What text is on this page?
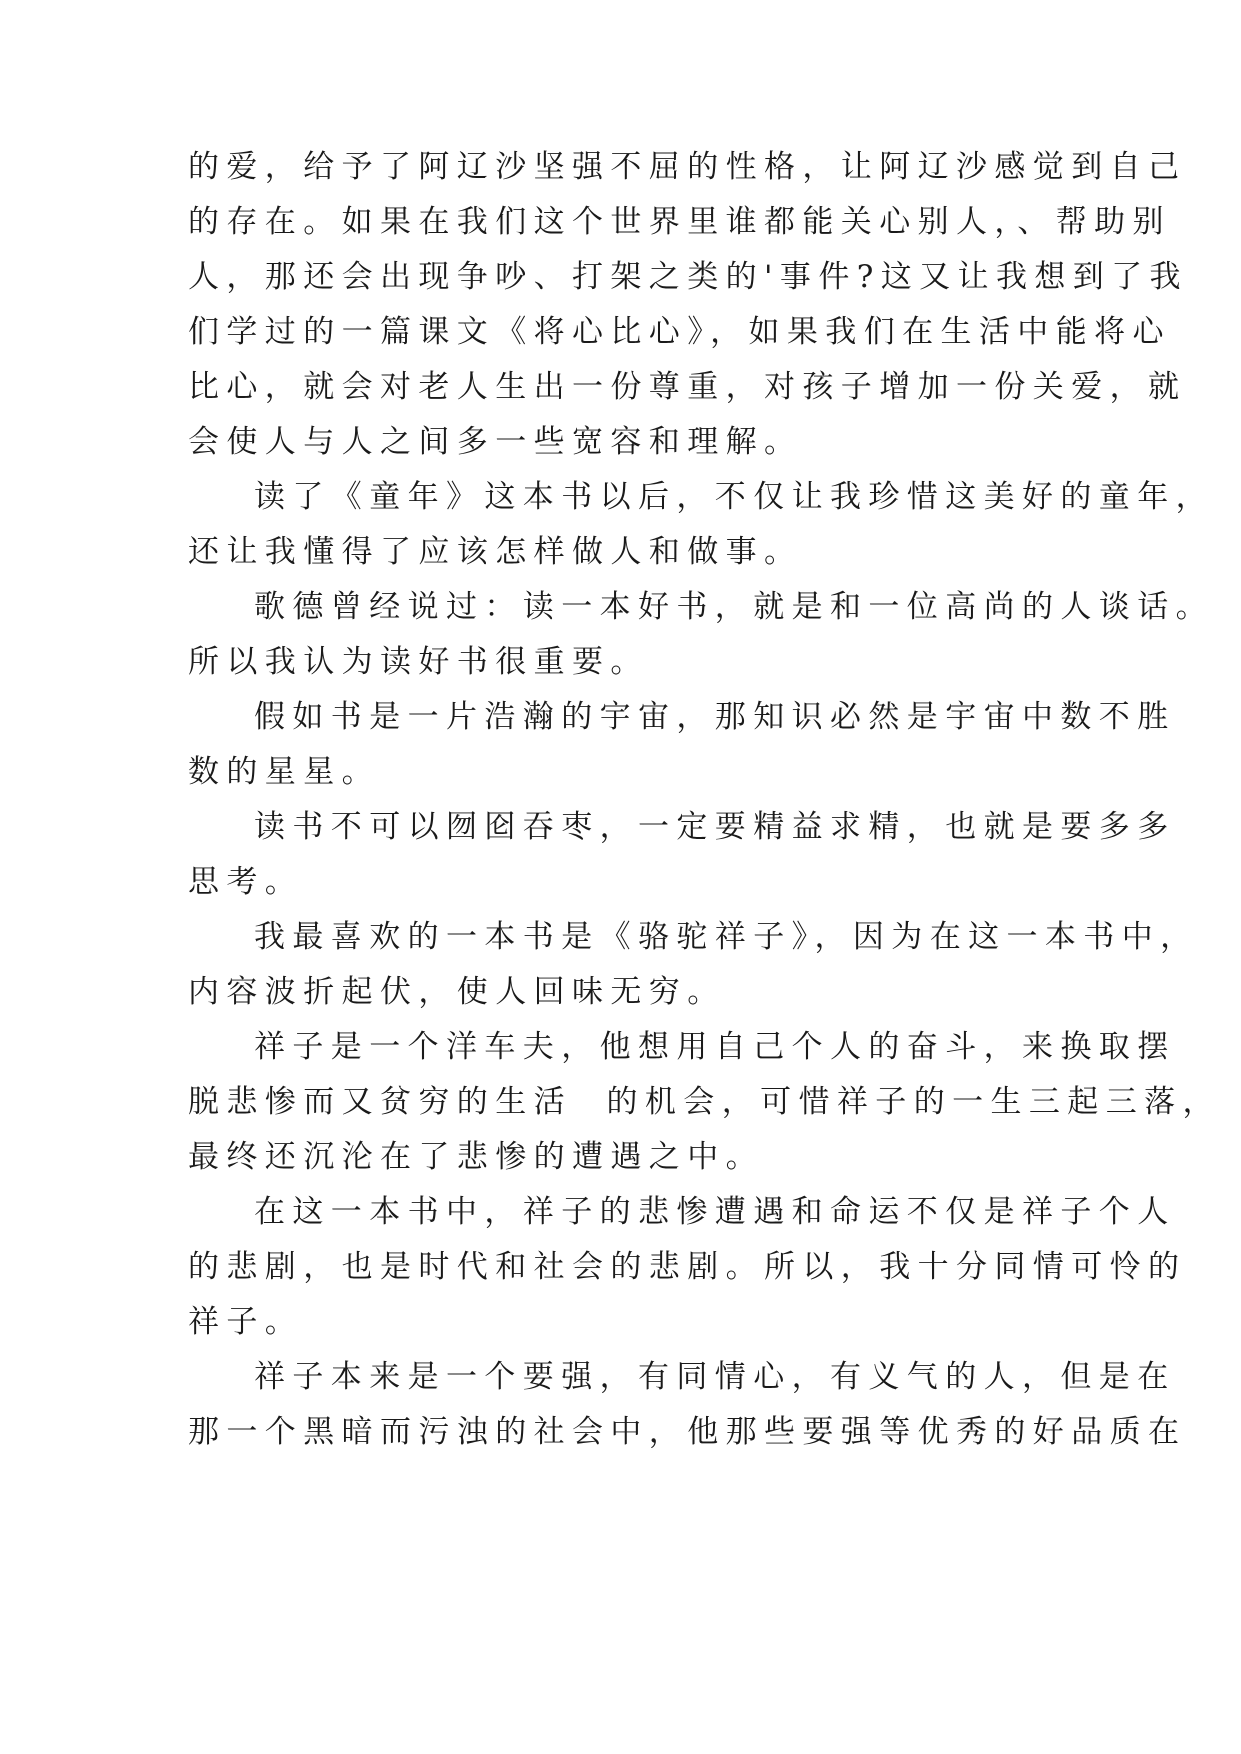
的爱，给予了阿辽沙坚强不屈的性格，让阿辽沙感觉到自己
的存在。如果在我们这个世界里谁都能关心别人，、帮助别
人，那还会出现争吵、打架之类的'事件?这又让我想到了我
们学过的一篇课文《将心比心》，如果我们在生活中能将心
比心，就会对老人生出一份尊重，对孩子增加一份关爱，就
会使人与人之间多一些宽容和理解。
读了《童年》这本书以后，不仅让我珍惜这美好的童年，
还让我懂得了应该怎样做人和做事。
歌德曾经说过：读一本好书，就是和一位高尚的人谈话。
所以我认为读好书很重要。
假如书是一片浩瀚的宇宙，那知识必然是宇宙中数不胜
数的星星。
读书不可以囫囵吞枣，一定要精益求精，也就是要多多
思考。
我最喜欢的一本书是《骆驼祥子》，因为在这一本书中，
内容波折起伏，使人回味无穷。
祥子是一个洋车夫，他想用自己个人的奋斗，来换取摆
脱悲惨而又贫穷的生活  的机会，可惜祥子的一生三起三落，
最终还沉沦在了悲惨的遭遇之中。
在这一本书中，祥子的悲惨遭遇和命运不仅是祥子个人
的悲剧，也是时代和社会的悲剧。所以，我十分同情可怜的
祥子。
祥子本来是一个要强，有同情心，有义气的人，但是在
那一个黑暗而污浊的社会中，他那些要强等优秀的好品质在
